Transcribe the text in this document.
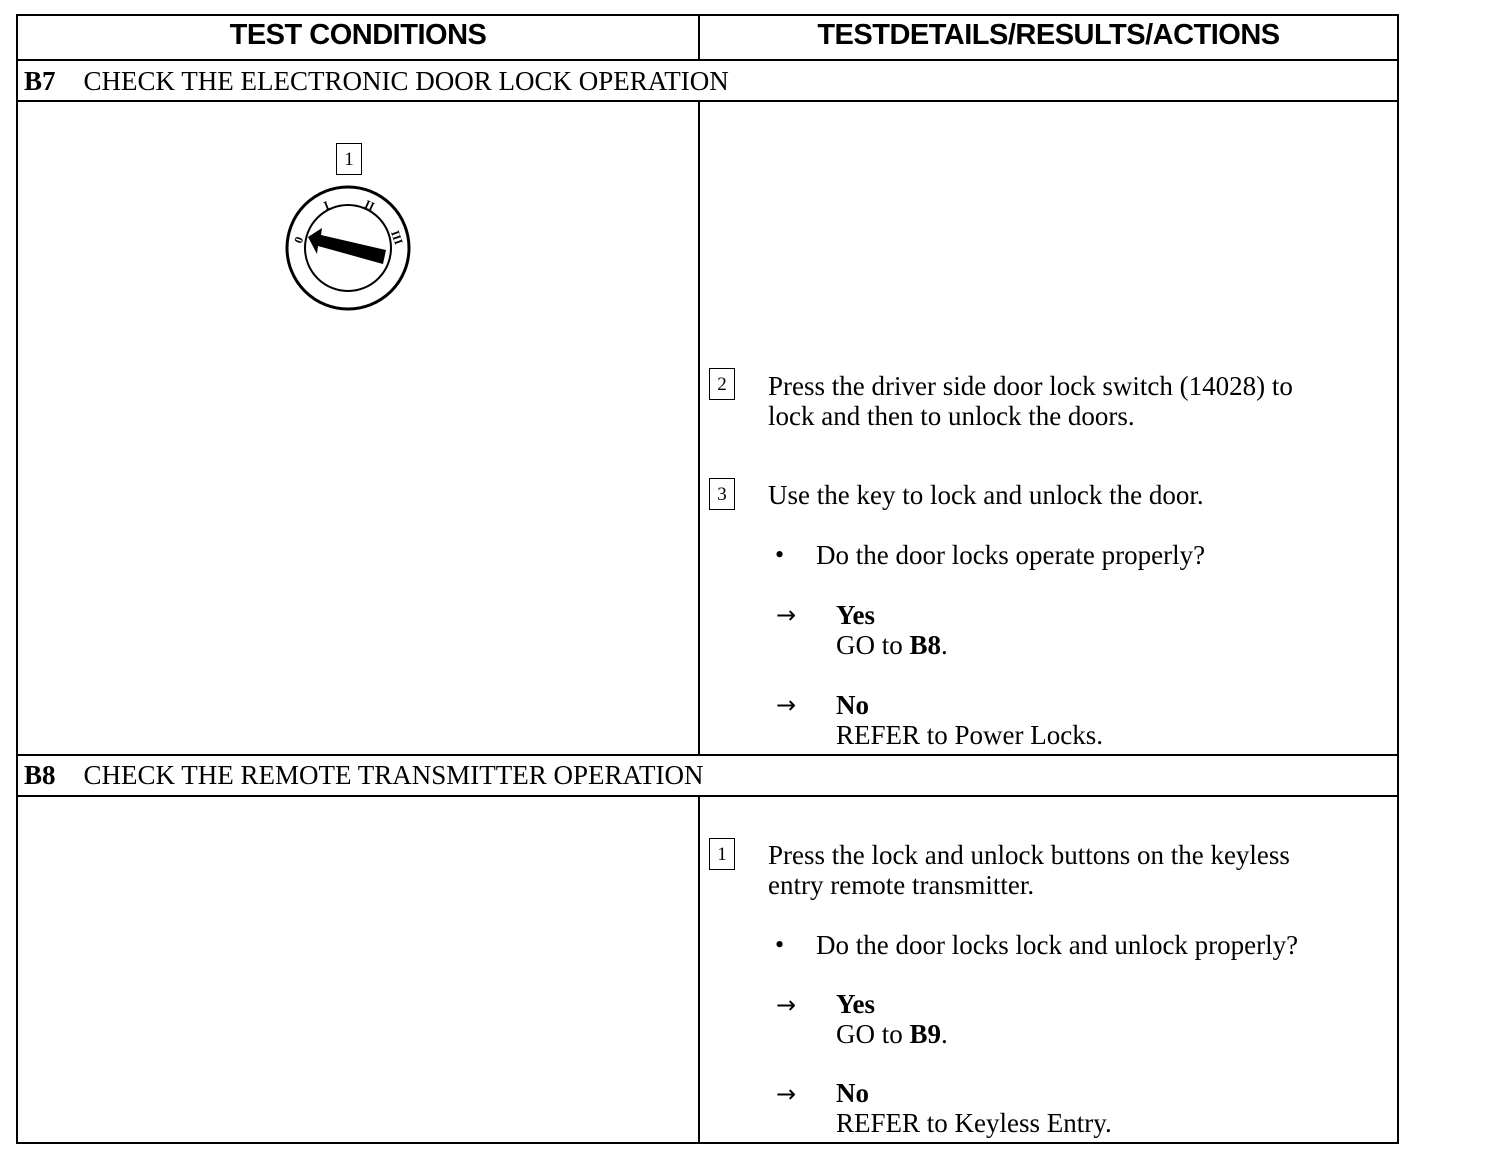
TEST CONDITIONS	TESTDETAILS/RESULTS/ACTIONS
B7 CHECK THE ELECTRONIC DOOR LOCK OPERATION
1
0
I	II
III
2	Press the driver side door lock switch (14028) to
lock and then to unlock the doors.
3	Use the key to lock and unlock the door.
• Do the door locks operate properly?
→ Yes
GO to B8.
→ No
REFER to Power Locks.
B8 CHECK THE REMOTE TRANSMITTER OPERATION
1	Press the lock and unlock buttons on the keyless
entry remote transmitter.
• Do the door locks lock and unlock properly?
→ Yes
GO to B9.
→ No
REFER to Keyless Entry.
